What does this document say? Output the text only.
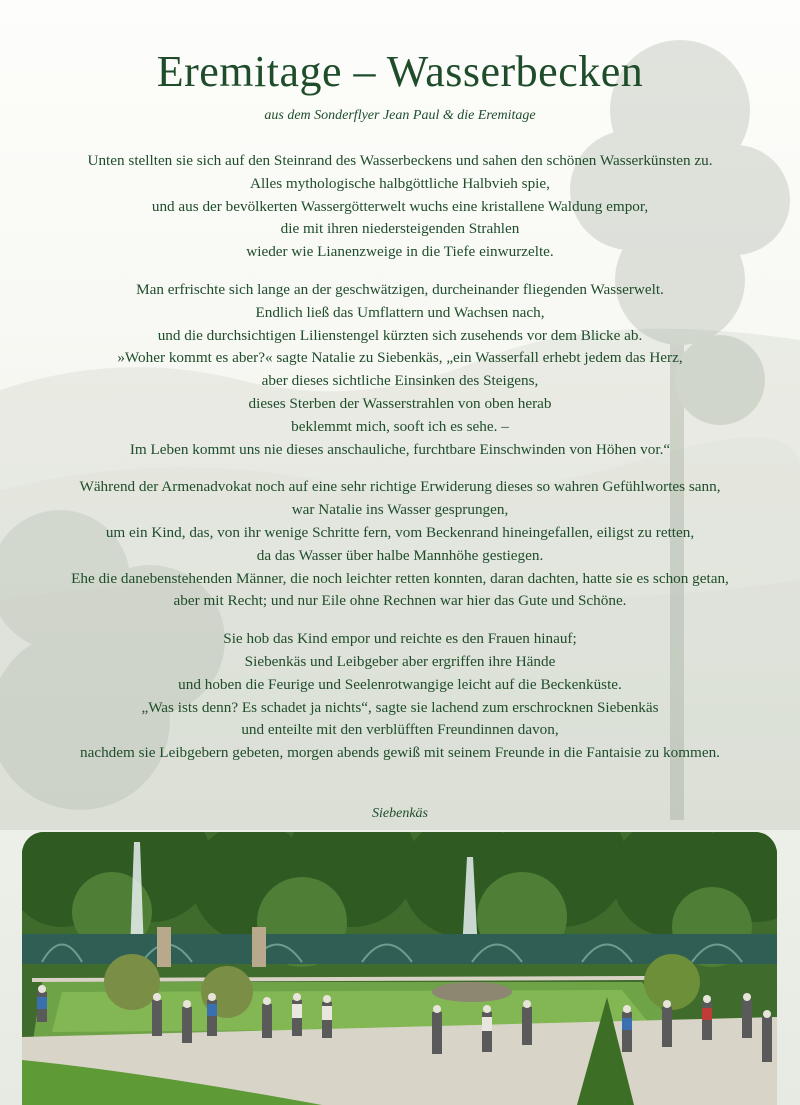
Eremitage – Wasserbecken
aus dem Sonderflyer Jean Paul & die Eremitage

Unten stellten sie sich auf den Steinrand des Wasserbeckens und sahen den schönen Wasserkünsten zu.
Alles mythologische halbgöttliche Halbvieh spie,
und aus der bevölkerten Wassergötterwelt wuchs eine kristallene Waldung empor,
die mit ihren niedersteigenden Strahlen
wieder wie Lianenzweige in die Tiefe einwurzelte.

Man erfrischte sich lange an der geschwätzigen, durcheinander fliegenden Wasserwelt.
Endlich ließ das Umflattern und Wachsen nach,
und die durchsichtigen Lilienstengel kürzten sich zusehends vor dem Blicke ab.
»Woher kommt es aber?« sagte Natalie zu Siebenkäs, „ein Wasserfall erhebt jedem das Herz,
aber dieses sichtliche Einsinken des Steigens,
dieses Sterben der Wasserstrahlen von oben herab
beklemmt mich, sooft ich es sehe. –
Im Leben kommt uns nie dieses anschauliche, furchtbare Einschwinden von Höhen vor.“

Während der Armenadvokat noch auf eine sehr richtige Erwiderung dieses so wahren Gefühlwortes sann,
war Natalie ins Wasser gesprungen,
um ein Kind, das, von ihr wenige Schritte fern, vom Beckenrand hineingefallen, eiligst zu retten,
da das Wasser über halbe Mannhöhe gestiegen.
Ehe die danebenstehenden Männer, die noch leichter retten konnten, daran dachten, hatte sie es schon getan,
aber mit Recht; und nur Eile ohne Rechnen war hier das Gute und Schöne.

Sie hob das Kind empor und reichte es den Frauen hinauf;
Siebenkäs und Leibgeber aber ergriffen ihre Hände
und hoben die Feurige und Seelenrotwangige leicht auf die Beckenküste.
„Was ists denn? Es schadet ja nichts“, sagte sie lachend zum erschrocknen Siebenkäs
und enteilte mit den verblüfften Freundinnen davon,
nachdem sie Leibgebern gebeten, morgen abends gewiß mit seinem Freunde in die Fantaisie zu kommen.

Siebenkäs
